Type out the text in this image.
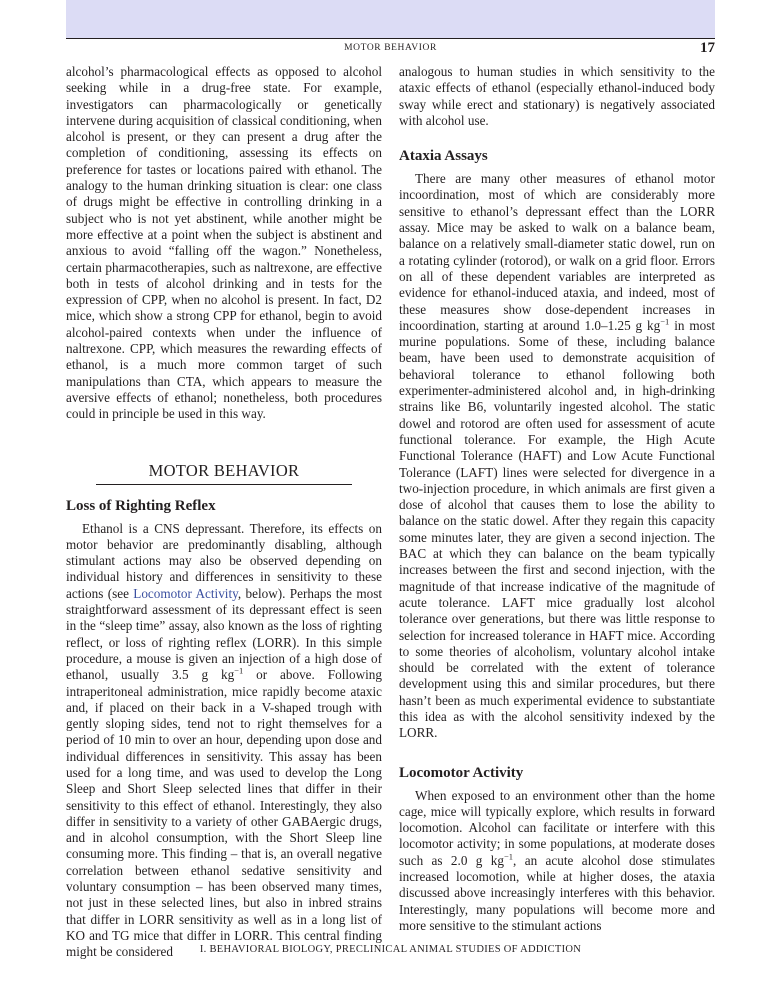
MOTOR BEHAVIOR	17

alcohol’s pharmacological effects as opposed to alcohol seeking while in a drug-free state. For example, investigators can pharmacologically or genetically intervene during acquisition of classical conditioning, when alcohol is present, or they can present a drug after the completion of conditioning, assessing its effects on preference for tastes or locations paired with ethanol. The analogy to the human drinking situation is clear: one class of drugs might be effective in controlling drinking in a subject who is not yet abstinent, while another might be more effective at a point when the subject is abstinent and anxious to avoid “falling off the wagon.” Nonetheless, certain pharmacotherapies, such as naltrexone, are effective both in tests of alcohol drinking and in tests for the expression of CPP, when no alcohol is present. In fact, D2 mice, which show a strong CPP for ethanol, begin to avoid alcohol-paired contexts when under the influence of naltrexone. CPP, which measures the rewarding effects of ethanol, is a much more common target of such manipulations than CTA, which appears to measure the aversive effects of ethanol; nonetheless, both procedures could in principle be used in this way.

MOTOR BEHAVIOR
Loss of Righting Reflex

Ethanol is a CNS depressant. Therefore, its effects on motor behavior are predominantly disabling, although stimulant actions may also be observed depending on individual history and differences in sensitivity to these actions (see Locomotor Activity, below). Perhaps the most straightforward assessment of its depressant effect is seen in the “sleep time” assay, also known as the loss of righting reflect, or loss of righting reflex (LORR). In this simple procedure, a mouse is given an injection of a high dose of ethanol, usually 3.5 g $kg^{-1}$ or above. Following intraperitoneal administration, mice rapidly become ataxic and, if placed on their back in a V-shaped trough with gently sloping sides, tend not to right themselves for a period of 10 min to over an hour, depending upon dose and individual differences in sensitivity. This assay has been used for a long time, and was used to develop the Long Sleep and Short Sleep selected lines that differ in their sensitivity to this effect of ethanol. Interestingly, they also differ in sensitivity to a variety of other GABAergic drugs, and in alcohol consumption, with the Short Sleep line consuming more. This finding – that is, an overall negative correlation between ethanol sedative sensitivity and voluntary consumption – has been observed many times, not just in these selected lines, but also in inbred strains that differ in LORR sensitivity as well as in a long list of KO and TG mice that differ in LORR. This central finding might be considered

analogous to human studies in which sensitivity to the ataxic effects of ethanol (especially ethanol-induced body sway while erect and stationary) is negatively associated with alcohol use.

Ataxia Assays

There are many other measures of ethanol motor incoordination, most of which are considerably more sensitive to ethanol’s depressant effect than the LORR assay. Mice may be asked to walk on a balance beam, balance on a relatively small-diameter static dowel, run on a rotating cylinder (rotorod), or walk on a grid floor. Errors on all of these dependent variables are interpreted as evidence for ethanol-induced ataxia, and indeed, most of these measures show dose-dependent increases in incoordination, starting at around 1.0–1.25 g $kg^{-1}$ in most murine populations. Some of these, including balance beam, have been used to demonstrate acquisition of behavioral tolerance to ethanol following both experimenter-administered alcohol and, in high-drinking strains like B6, voluntarily ingested alcohol. The static dowel and rotorod are often used for assessment of acute functional tolerance. For example, the High Acute Functional Tolerance (HAFT) and Low Acute Functional Tolerance (LAFT) lines were selected for divergence in a two-injection procedure, in which animals are first given a dose of alcohol that causes them to lose the ability to balance on the static dowel. After they regain this capacity some minutes later, they are given a second injection. The BAC at which they can balance on the beam typically increases between the first and second injection, with the magnitude of that increase indicative of the magnitude of acute tolerance. LAFT mice gradually lost alcohol tolerance over generations, but there was little response to selection for increased tolerance in HAFT mice. According to some theories of alcoholism, voluntary alcohol intake should be correlated with the extent of tolerance development using this and similar procedures, but there hasn’t been as much experimental evidence to substantiate this idea as with the alcohol sensitivity indexed by the LORR.

Locomotor Activity

When exposed to an environment other than the home cage, mice will typically explore, which results in forward locomotion. Alcohol can facilitate or interfere with this locomotor activity; in some populations, at moderate doses such as 2.0 g $kg^{-1}$, an acute alcohol dose stimulates increased locomotion, while at higher doses, the ataxia discussed above increasingly interferes with this behavior. Interestingly, many populations will become more and more sensitive to the stimulant actions

I. BEHAVIORAL BIOLOGY, PRECLINICAL ANIMAL STUDIES OF ADDICTION
